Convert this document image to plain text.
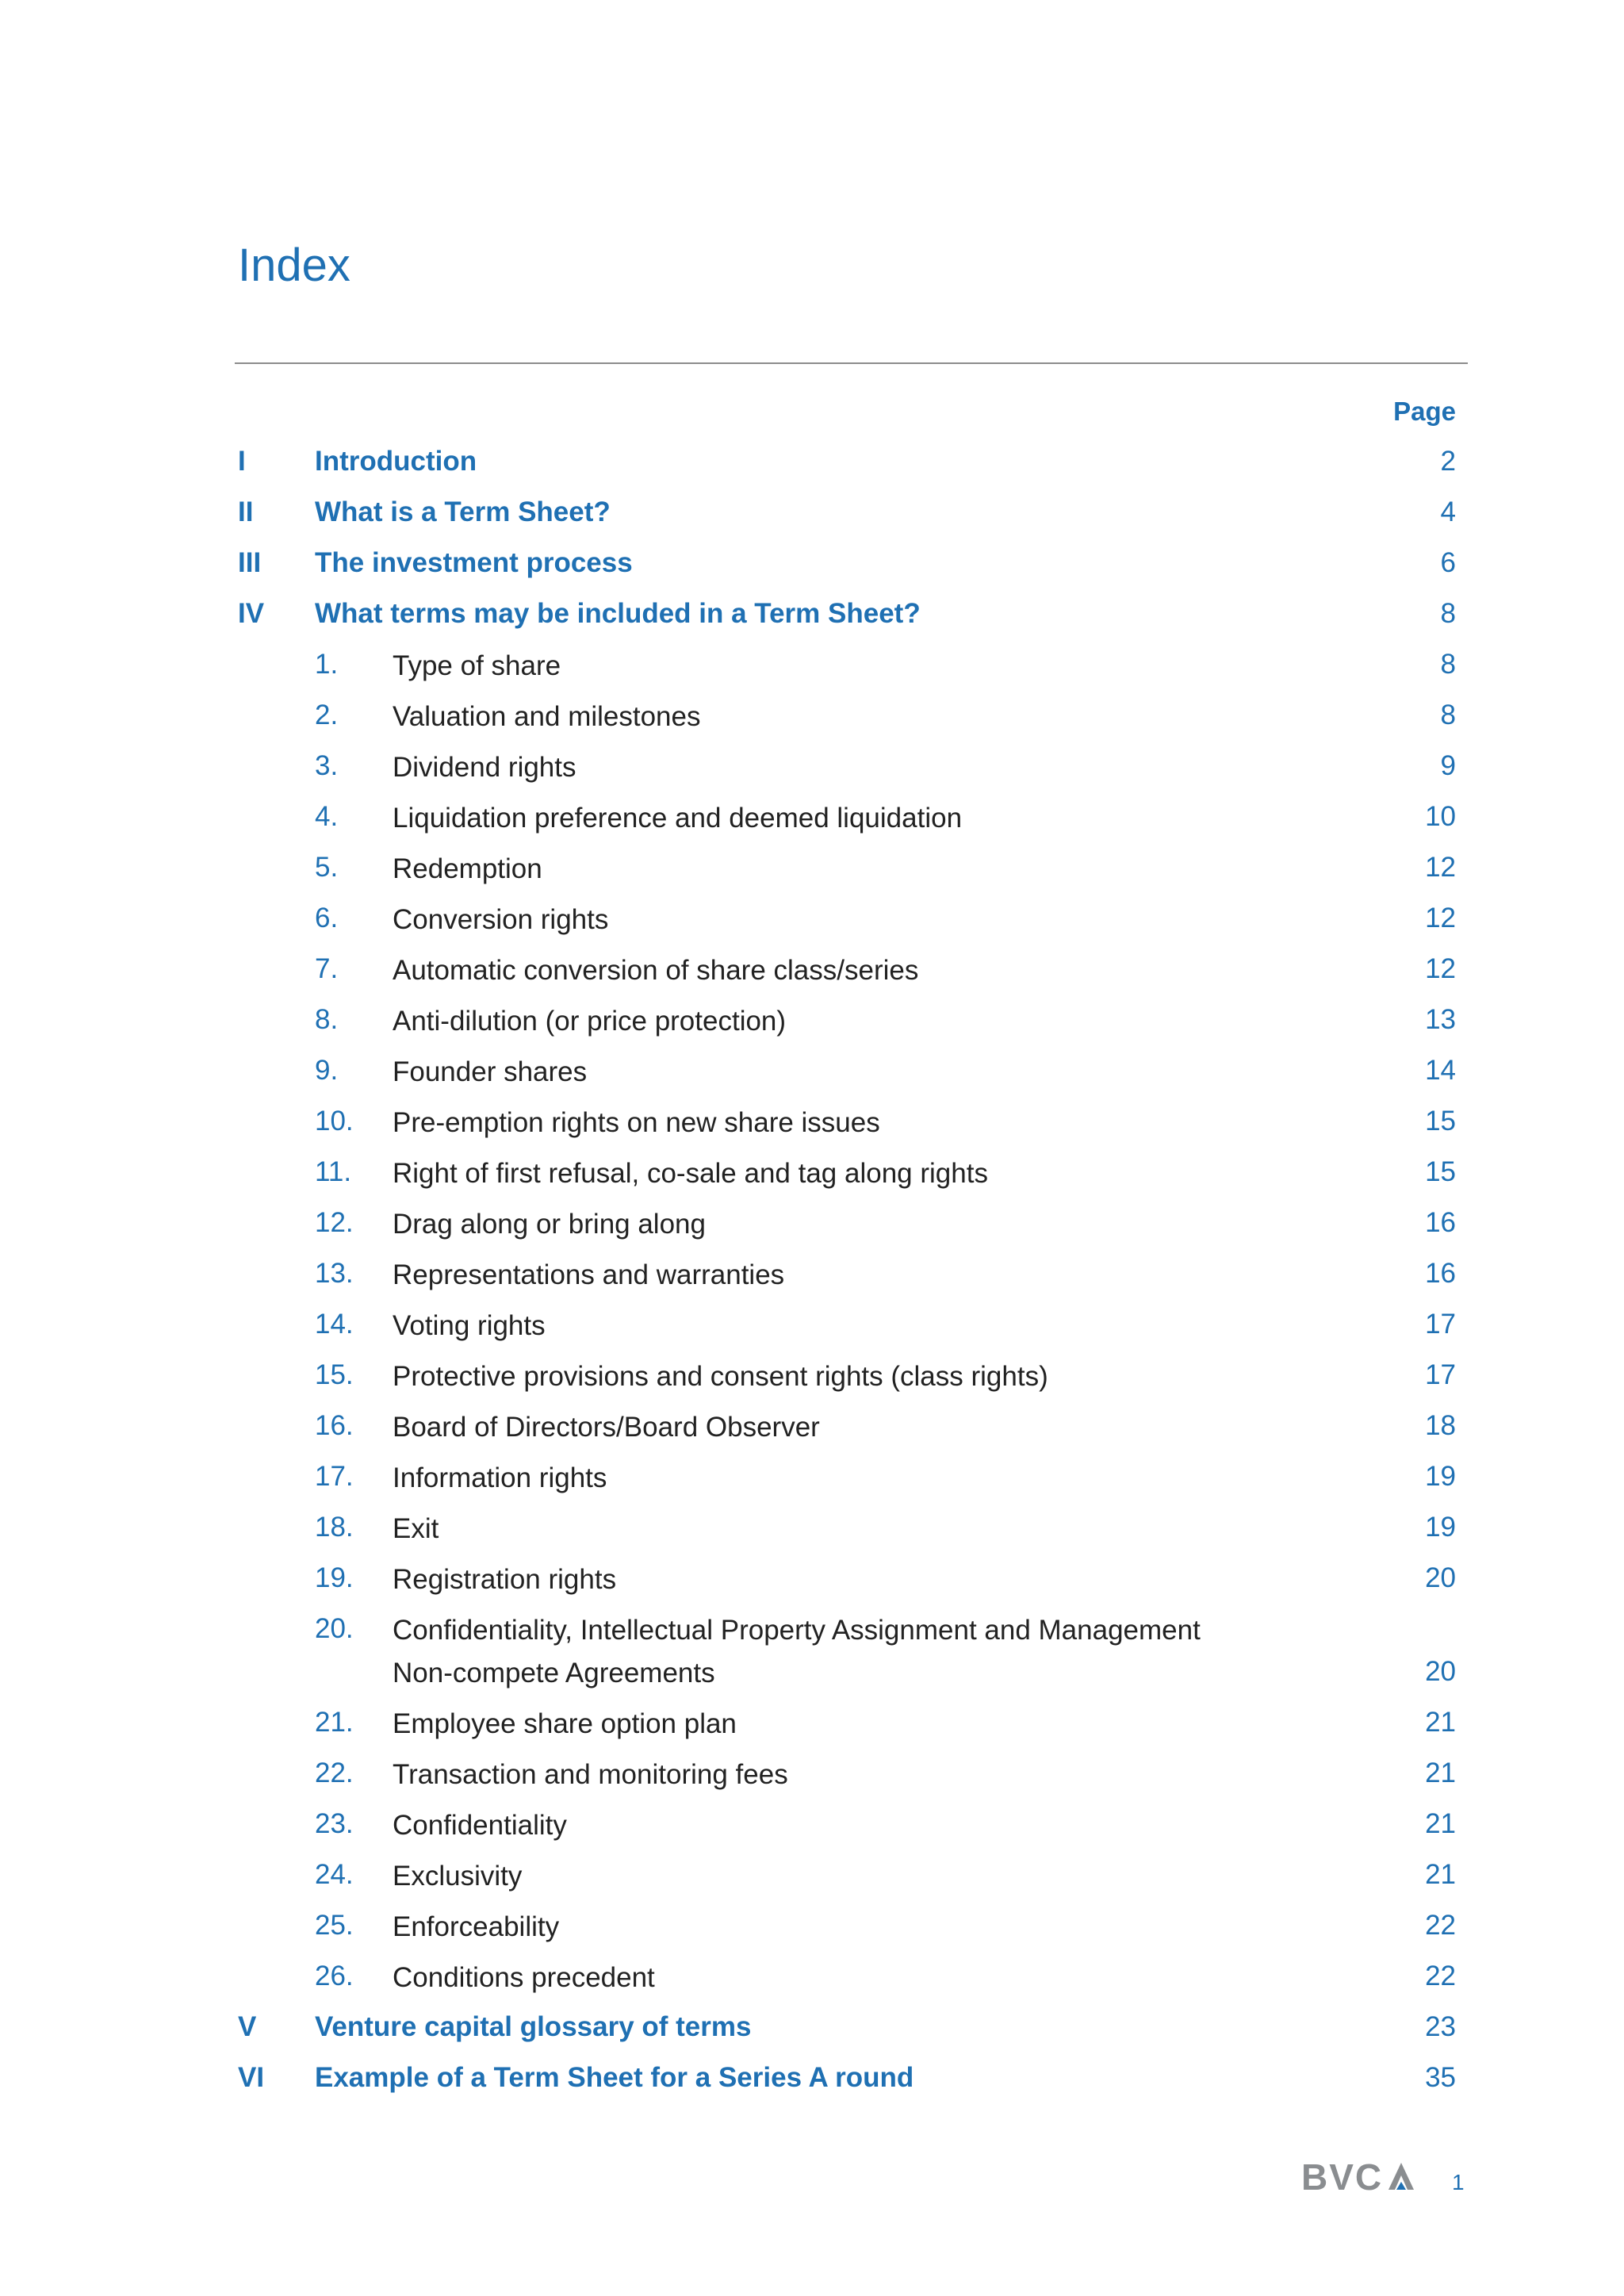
Index
Page
I Introduction	2
II What is a Term Sheet?	4
III The investment process	6
IV What terms may be included in a Term Sheet?	8
1. Type of share	8
2. Valuation and milestones	8
3. Dividend rights	9
4. Liquidation preference and deemed liquidation	10
5. Redemption	12
6. Conversion rights	12
7. Automatic conversion of share class/series	12
8. Anti-dilution (or price protection)	13
9. Founder shares	14
10. Pre-emption rights on new share issues	15
11. Right of first refusal, co-sale and tag along rights	15
12. Drag along or bring along	16
13. Representations and warranties	16
14. Voting rights	17
15. Protective provisions and consent rights (class rights)	17
16. Board of Directors/Board Observer	18
17. Information rights	19
18. Exit	19
19. Registration rights	20
20. Confidentiality, Intellectual Property Assignment and Management Non-compete Agreements	20
21. Employee share option plan	21
22. Transaction and monitoring fees	21
23. Confidentiality	21
24. Exclusivity	21
25. Enforceability	22
26. Conditions precedent	22
V Venture capital glossary of terms	23
VI Example of a Term Sheet for a Series A round	35
BVC	1
